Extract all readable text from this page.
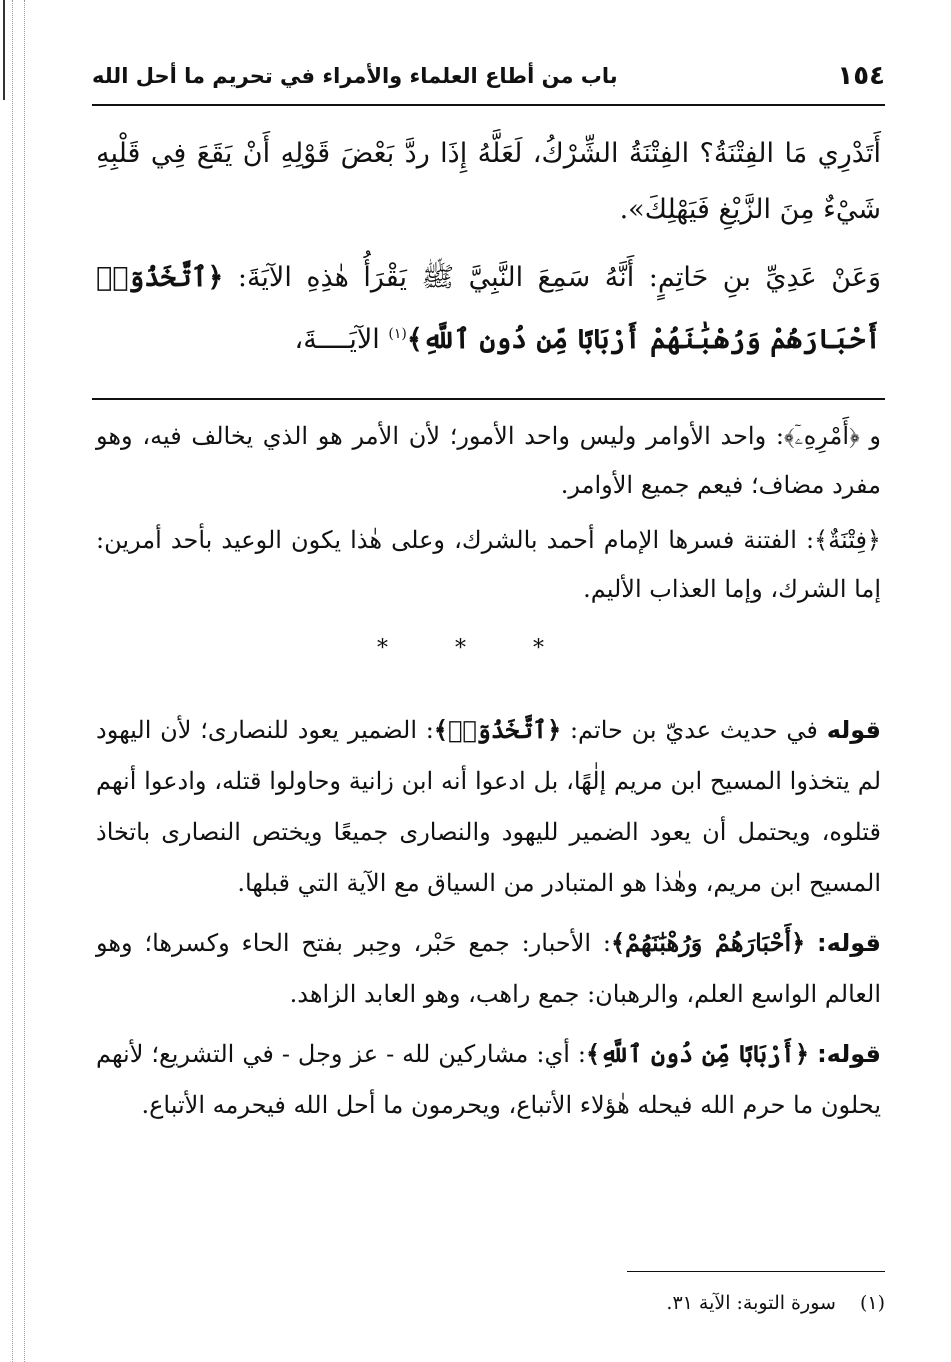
١٥٤
باب من أطاع العلماء والأمراء في تحريم ما أحل الله

أَتَدْرِي مَا الفِتْنَةُ؟ الفِتْنَةُ الشِّرْكُ، لَعَلَّهُ إِذَا ردَّ بَعْضَ قَوْلِهِ أَنْ يَقَعَ فِي قَلْبِهِ شَيْءٌ مِنَ الزَّيْغِ فَيَهْلِكَ».

وَعَنْ عَدِيِّ بنِ حَاتِمٍ: أَنَّهُ سَمِعَ النَّبِيَّ ﷺ يَقْرَأُ هٰذِهِ الآيَةَ: ﴿ٱتَّخَذُوٓا۟ أَحْبَارَهُمْ وَرُهْبَٰنَهُمْ أَرْبَابًا مِّن دُونِ ٱللَّهِ﴾$^{(١)}$ الآيَــــةَ،

و ﴿أَمْرِهِۦٓ﴾: واحد الأوامر وليس واحد الأمور؛ لأن الأمر هو الذي يخالف فيه، وهو مفرد مضاف؛ فيعم جميع الأوامر.

﴿فِتْنَةٌ﴾: الفتنة فسرها الإمام أحمد بالشرك، وعلى هٰذا يكون الوعيد بأحد أمرين: إما الشرك، وإما العذاب الأليم.

* * *

قوله في حديث عديّ بن حاتم: ﴿ٱتَّخَذُوٓا۟﴾: الضمير يعود للنصارى؛ لأن اليهود لم يتخذوا المسيح ابن مريم إلٰهًا، بل ادعوا أنه ابن زانية وحاولوا قتله، وادعوا أنهم قتلوه، ويحتمل أن يعود الضمير لليهود والنصارى جميعًا ويختص النصارى باتخاذ المسيح ابن مريم، وهٰذا هو المتبادر من السياق مع الآية التي قبلها.

قوله: ﴿أَحْبَارَهُمْ وَرُهْبَٰنَهُمْ﴾: الأحبار: جمع حَبْر، وحِبر بفتح الحاء وكسرها؛ وهو العالم الواسع العلم، والرهبان: جمع راهب، وهو العابد الزاهد.

قوله: ﴿أَرْبَابًا مِّن دُونِ ٱللَّهِ﴾: أي: مشاركين لله - عز وجل - في التشريع؛ لأنهم يحلون ما حرم الله فيحله هٰؤلاء الأتباع، ويحرمون ما أحل الله فيحرمه الأتباع.

(١)سورة التوبة: الآية ٣١.
